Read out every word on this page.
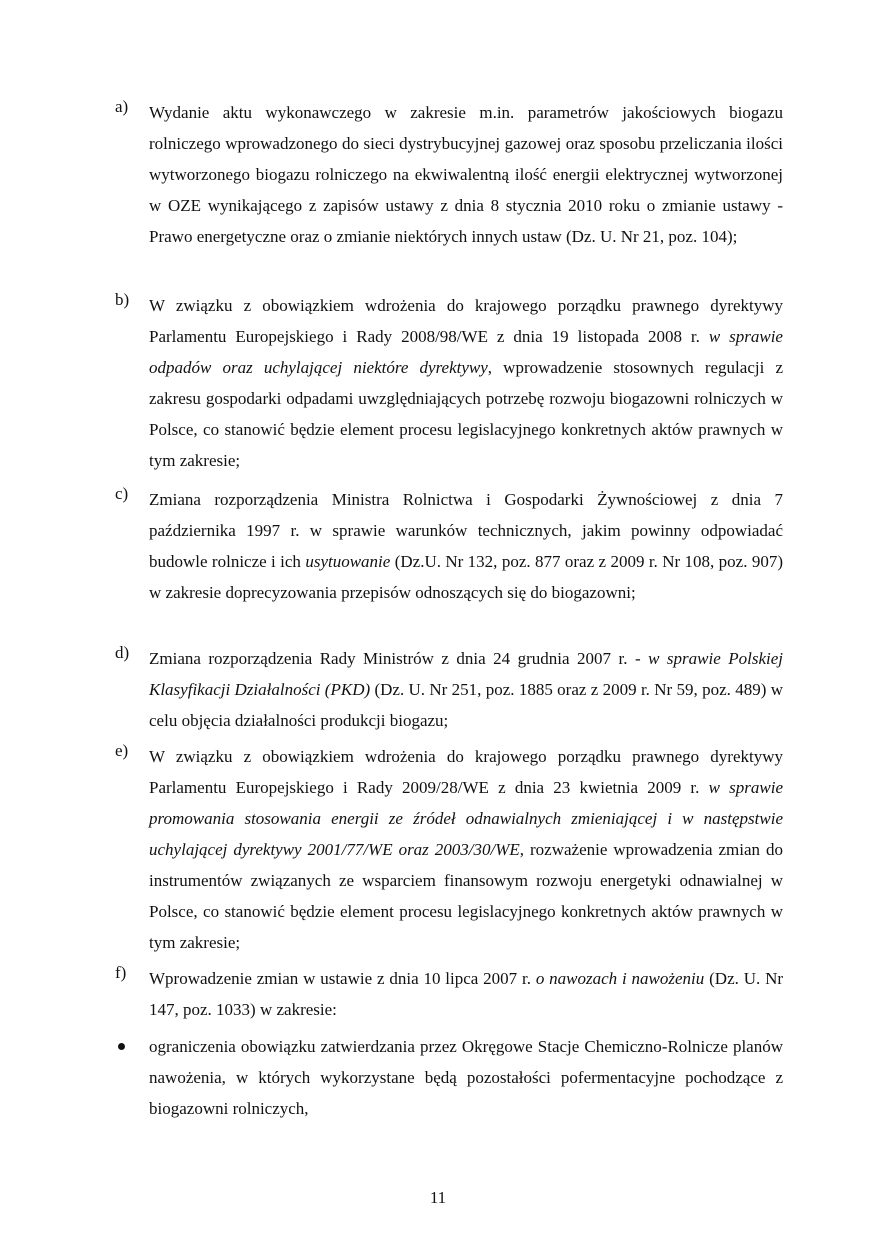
a) Wydanie aktu wykonawczego w zakresie m.in. parametrów jakościowych biogazu rolniczego wprowadzonego do sieci dystrybucyjnej gazowej oraz sposobu przeliczania ilości wytworzonego biogazu rolniczego na ekwiwalentną ilość energii elektrycznej wytworzonej w OZE wynikającego z zapisów ustawy z dnia 8 stycznia 2010 roku o zmianie ustawy - Prawo energetyczne oraz o zmianie niektórych innych ustaw (Dz. U. Nr 21, poz. 104);
b) W związku z obowiązkiem wdrożenia do krajowego porządku prawnego dyrektywy Parlamentu Europejskiego i Rady 2008/98/WE z dnia 19 listopada 2008 r. w sprawie odpadów oraz uchylającej niektóre dyrektywy, wprowadzenie stosownych regulacji z zakresu gospodarki odpadami uwzględniających potrzebę rozwoju biogazowni rolniczych w Polsce, co stanowić będzie element procesu legislacyjnego konkretnych aktów prawnych w tym zakresie;
c) Zmiana rozporządzenia Ministra Rolnictwa i Gospodarki Żywnościowej z dnia 7 października 1997 r. w sprawie warunków technicznych, jakim powinny odpowiadać budowle rolnicze i ich usytuowanie (Dz.U. Nr 132, poz. 877 oraz z 2009 r. Nr 108, poz. 907) w zakresie doprecyzowania przepisów odnoszących się do biogazowni;
d) Zmiana rozporządzenia Rady Ministrów z dnia 24 grudnia 2007 r. - w sprawie Polskiej Klasyfikacji Działalności (PKD) (Dz. U. Nr 251, poz. 1885 oraz z 2009 r. Nr 59, poz. 489) w celu objęcia działalności produkcji biogazu;
e) W związku z obowiązkiem wdrożenia do krajowego porządku prawnego dyrektywy Parlamentu Europejskiego i Rady 2009/28/WE z dnia 23 kwietnia 2009 r. w sprawie promowania stosowania energii ze źródeł odnawialnych zmieniającej i w następstwie uchylającej dyrektywy 2001/77/WE oraz 2003/30/WE, rozważenie wprowadzenia zmian do instrumentów związanych ze wsparciem finansowym rozwoju energetyki odnawialnej w Polsce, co stanowić będzie element procesu legislacyjnego konkretnych aktów prawnych w tym zakresie;
f) Wprowadzenie zmian w ustawie z dnia 10 lipca 2007 r. o nawozach i nawożeniu (Dz. U. Nr 147, poz. 1033) w zakresie:
ograniczenia obowiązku zatwierdzania przez Okręgowe Stacje Chemiczno-Rolnicze planów nawożenia, w których wykorzystane będą pozostałości pofermentacyjne pochodzące z biogazowni rolniczych,
11
